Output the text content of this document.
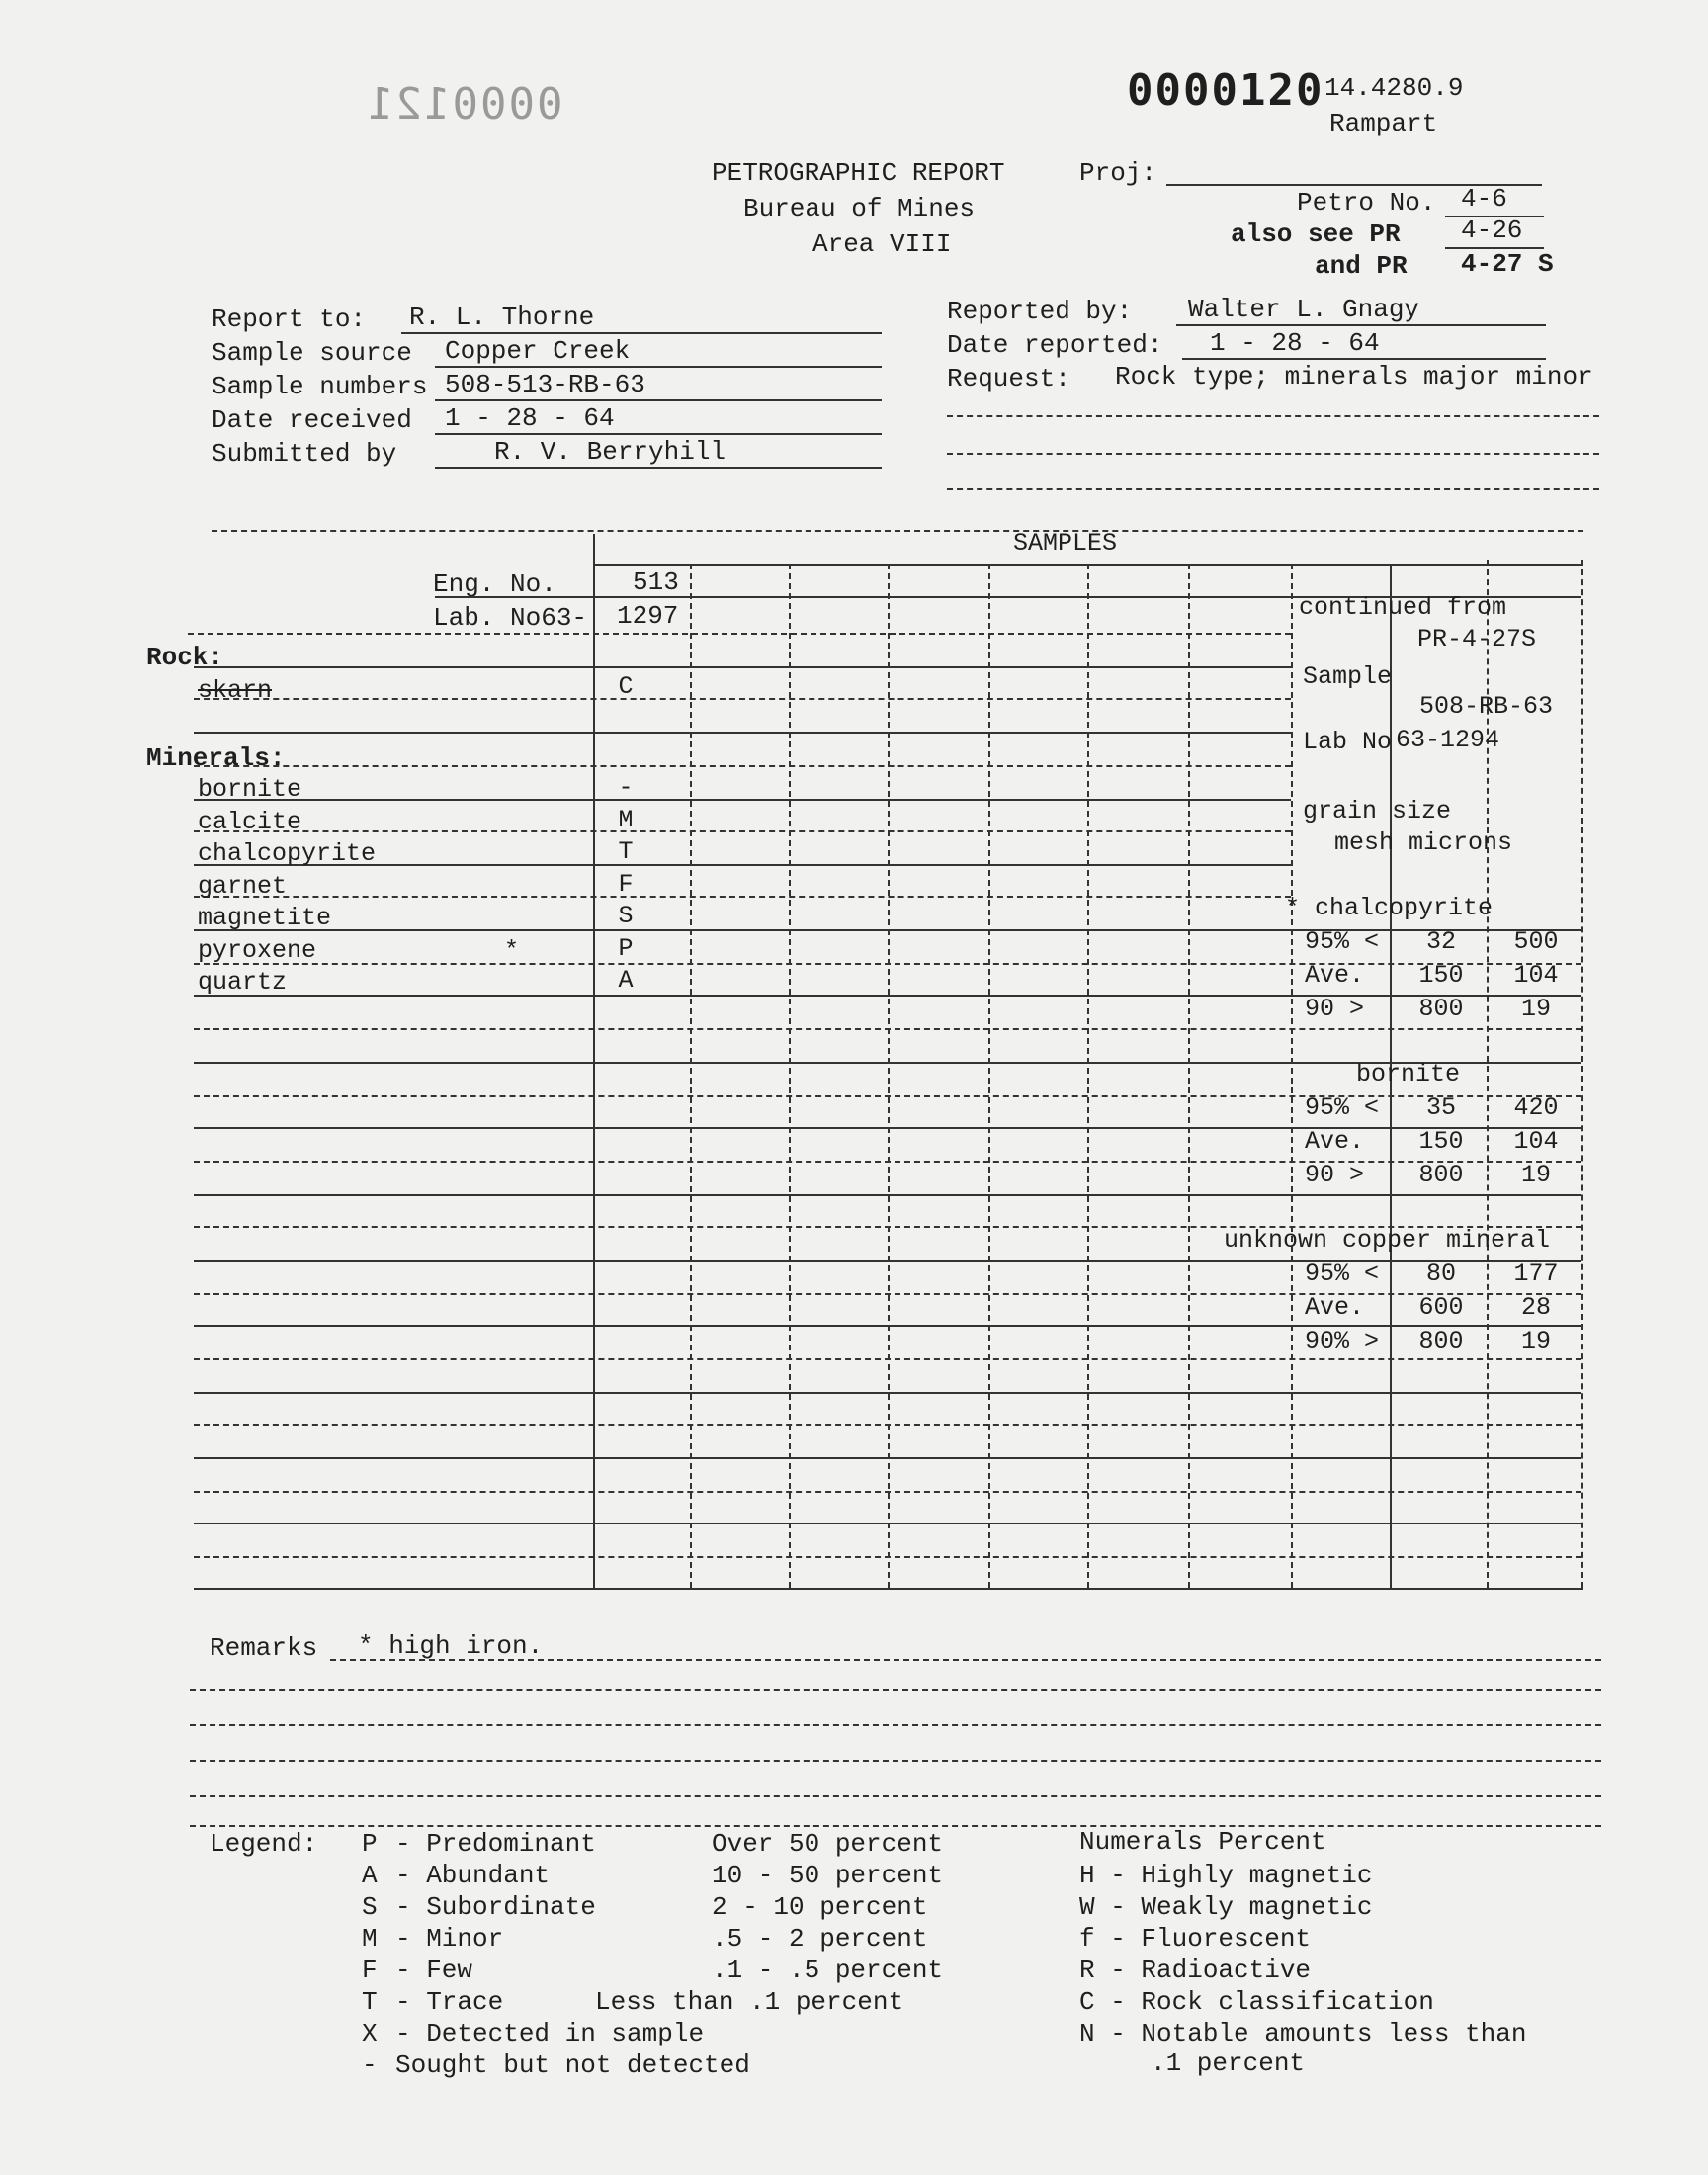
0000121	0000120 14.4280.9
Rampart
PETROGRAPHIC REPORT
Bureau of Mines
Area VIII
Proj:
Petro No. 4-6
also see PR 4-26
and PR 4-27 S
Report to: R. L. Thorne
Sample source Copper Creek
Sample numbers 508-513-RB-63
Date received 1 - 28 - 64
Submitted by	R. V. Berryhill
Reported by: Walter L. Gnagy
Date reported: 1 - 28 - 64
Request: Rock type; minerals major minor
SAMPLES
Eng. No.	513
Lab. No63- 1297
Rock:
Minerals:
skarn	C
bornite	-
calcite	M
chalcopyrite	T
garnet	F
magnetite	S
pyroxene	*	P
quartz	A
continued from
PR-4-27S
Sample
508-RB-63
Lab No 63-1294
grain size
mesh microns
* chalcopyrite
95% <	32	500
Ave.	150	104
90 >	800	19
bornite
95% <	35	420
Ave.	150	104
90 >	800	19
unknown copper mineral
95% <	80	177
Ave.	600	28
90% >	800	19
Remarks * high iron.
Legend: P - Predominant	Over 50 percent
A - Abundant	10 - 50 percent
S - Subordinate	2 - 10 percent
M - Minor	.5 - 2 percent
F - Few	.1 - .5 percent
T - Trace	Less than .1 percent
X - Detected in sample
- Sought but not detected
Numerals Percent
H - Highly magnetic
W - Weakly magnetic
f - Fluorescent
R - Radioactive
C - Rock classification
N - Notable amounts less than
.1 percent
